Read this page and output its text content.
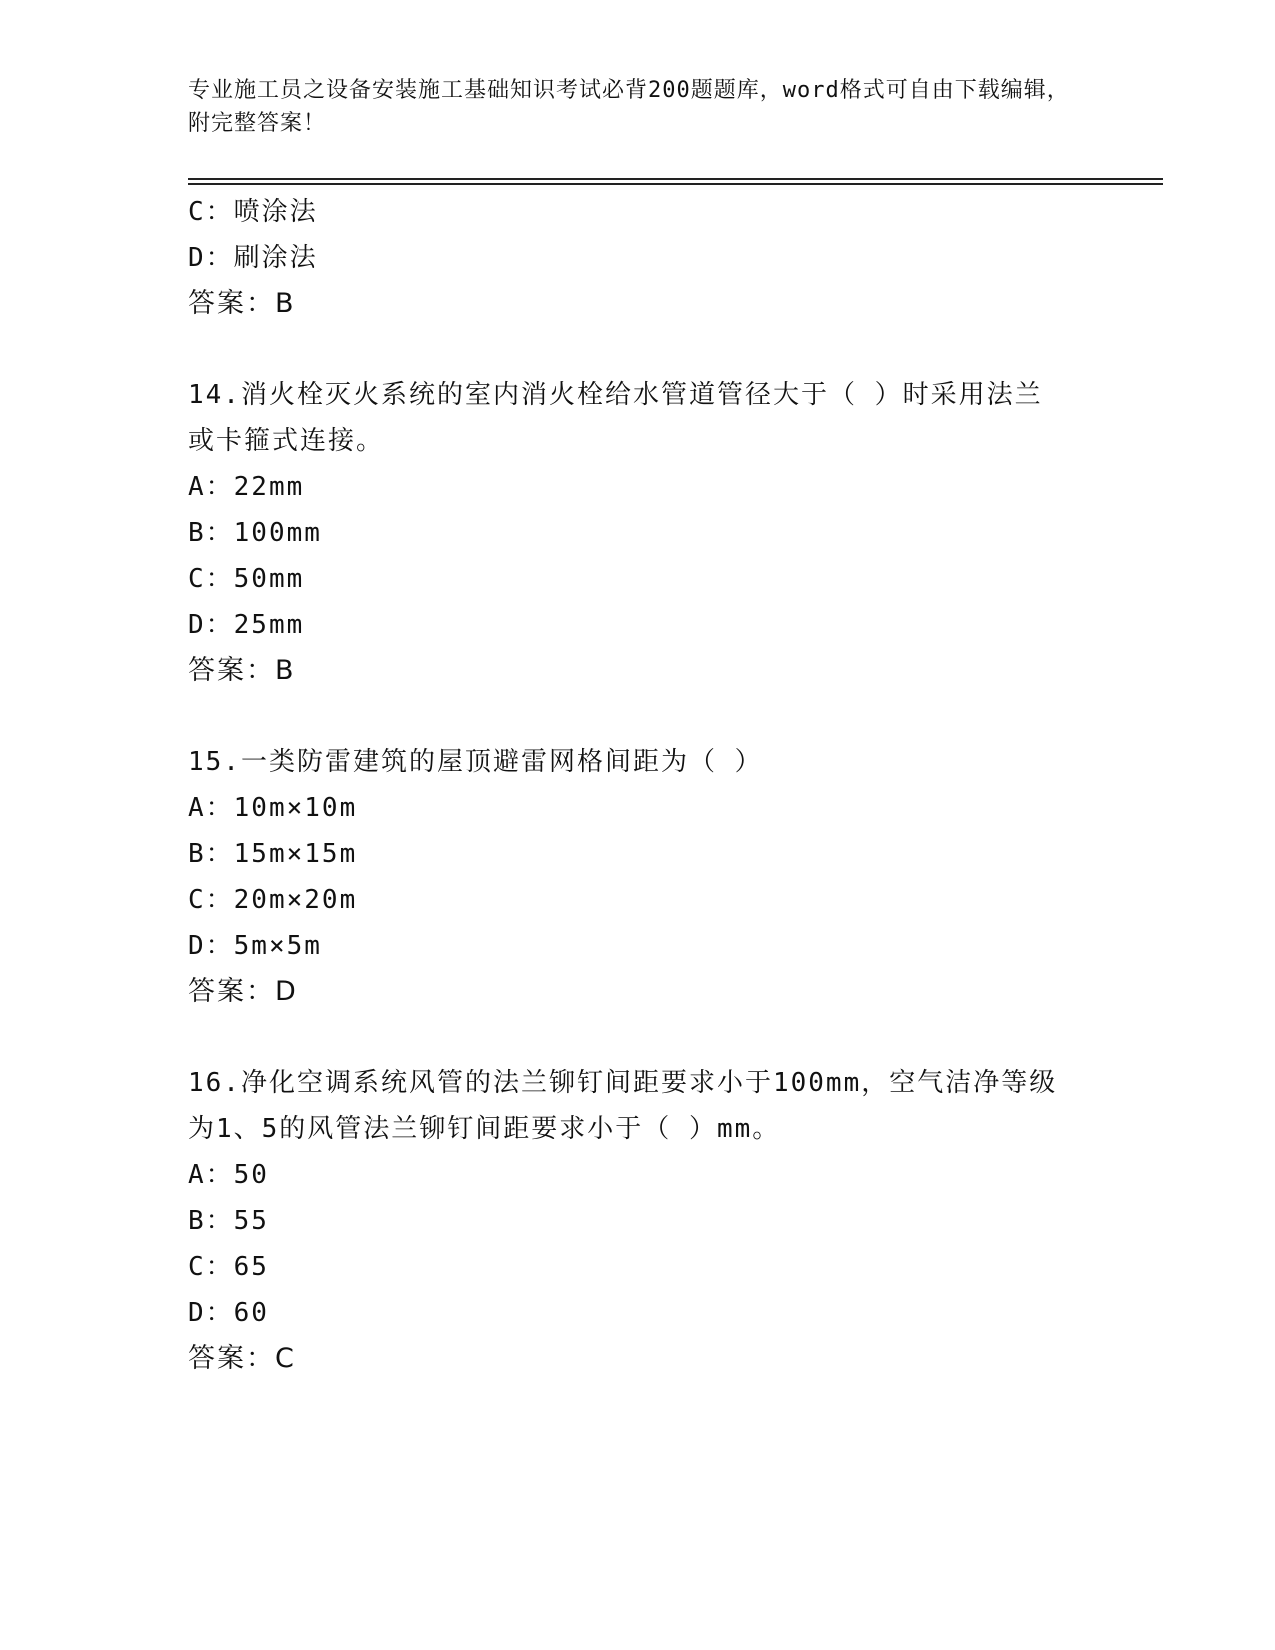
专业施工员之设备安装施工基础知识考试必背200题题库，word格式可自由下载编辑，附完整答案！
C：喷涂法
D：刷涂法
答案：B
14.消火栓灭火系统的室内消火栓给水管道管径大于（ ）时采用法兰或卡箍式连接。
A：22mm
B：100mm
C：50mm
D：25mm
答案：B
15.一类防雷建筑的屋顶避雷网格间距为（ ）
A：10m×10m
B：15m×15m
C：20m×20m
D：5m×5m
答案：D
16.净化空调系统风管的法兰铆钉间距要求小于100mm，空气洁净等级为1、5的风管法兰铆钉间距要求小于（ ）mm。
A：50
B：55
C：65
D：60
答案：C
